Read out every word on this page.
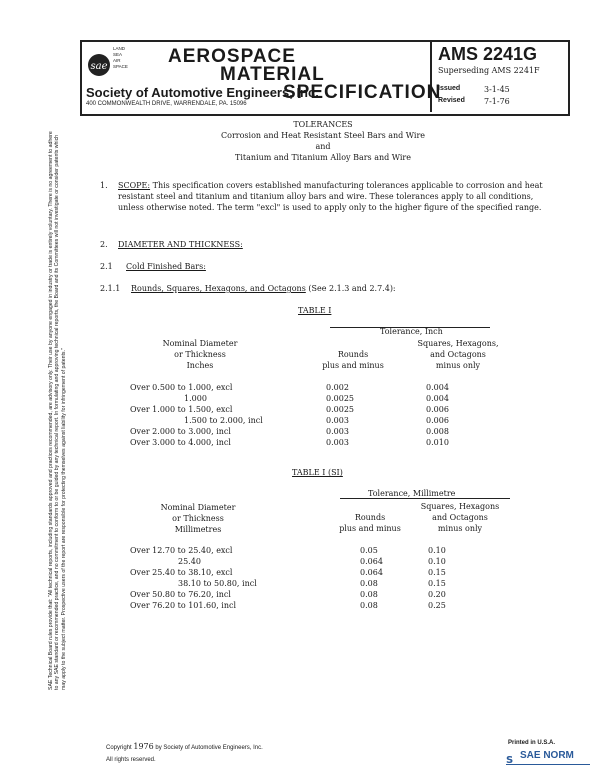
sae
LAND
SEA
AIR
SPACE AEROSPACE
MATERIAL
Society of Automotive Engineers, Inc.
SPECIFICATION
400 COMMONWEALTH DRIVE, WARRENDALE, PA. 15096
AMS 2241G
Superseding AMS 2241F
Issued	3-1-45
Revised 7-1-76
TOLERANCES
Corrosion and Heat Resistant Steel Bars and Wire
and
Titanium and Titanium Alloy Bars and Wire
SAE Technical Board rules provide that: "All technical reports, including standards approved and practices recommended, are advisory only. Their use by anyone engaged in industry or trade is entirely voluntary. There is no agreement to adhere to any SAE standard or recommended practice, and no commitment to conform to or be guided by any technical report. In formulating and approving technical reports, the Board and its Committees will not investigate or consider patents which may apply to the subject matter. Prospective users of the report are responsible for protecting themselves against liability for infringement of patents."
1. SCOPE: This specification covers established manufacturing tolerances applicable to corrosion and heat resistant steel and titanium and titanium alloy bars and wire. These tolerances apply to all conditions, unless otherwise noted. The term "excl" is used to apply only to the higher figure of the specified range.
2. DIAMETER AND THICKNESS:
2.1 Cold Finished Bars:
2.1.1 Rounds, Squares, Hexagons, and Octagons (See 2.1.3 and 2.7.4):
TABLE I
Tolerance, Inch
Nominal Diameter
or Thickness
Inches
Rounds
plus and minus
Squares, Hexagons,
and Octagons
minus only
Over 0.500 to 1.000, excl	0.002	0.004
1.000	0.0025	0.004
Over 1.000 to 1.500, excl	0.0025	0.006
1.500 to 2.000, incl	0.003	0.006
Over 2.000 to 3.000, incl	0.003	0.008
Over 3.000 to 4.000, incl	0.003	0.010
TABLE I (SI)
Tolerance, Millimetre
Nominal Diameter
or Thickness
Millimetres
Rounds
plus and minus
Squares, Hexagons
and Octagons
minus only
Over 12.70 to 25.40, excl	0.05	0.10
25.40	0.064	0.10
Over 25.40 to 38.10, excl	0.064	0.15
38.10 to 50.80, incl	0.08	0.15
Over 50.80 to 76.20, incl	0.08	0.20
Over 76.20 to 101.60, incl	0.08	0.25
Copyright 1976 by Society of Automotive Engineers, Inc.
All rights reserved.
Printed in U.S.A.
SAE NORM
S
